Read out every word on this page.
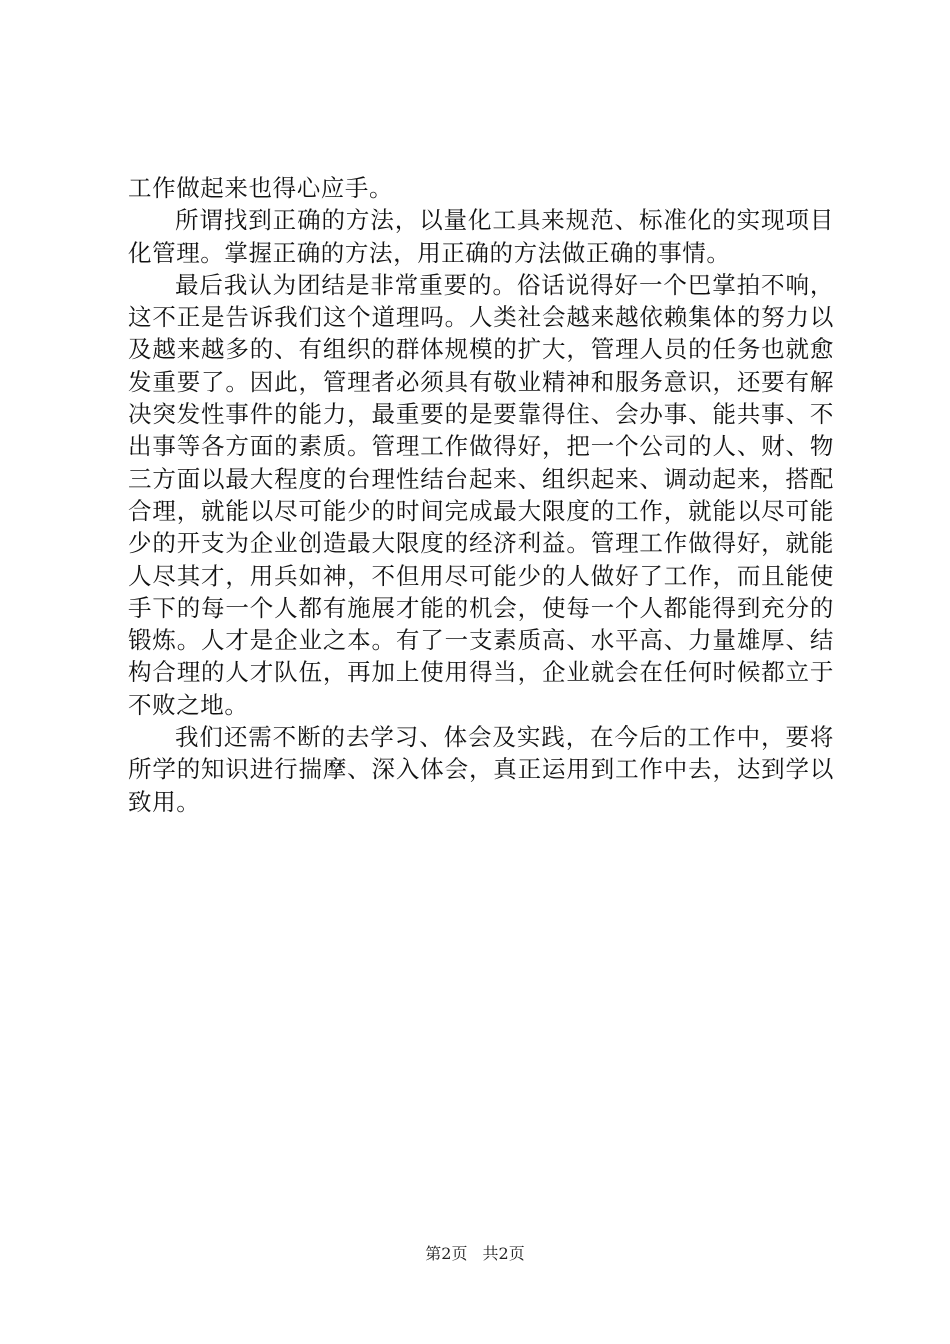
工作做起来也得心应手。

所谓找到正确的方法，以量化工具来规范、标准化的实现项目化管理。掌握正确的方法，用正确的方法做正确的事情。

最后我认为团结是非常重要的。俗话说得好一个巴掌拍不响，这不正是告诉我们这个道理吗。人类社会越来越依赖集体的努力以及越来越多的、有组织的群体规模的扩大，管理人员的任务也就愈发重要了。因此，管理者必须具有敬业精神和服务意识，还要有解决突发性事件的能力，最重要的是要靠得住、会办事、能共事、不出事等各方面的素质。管理工作做得好，把一个公司的人、财、物三方面以最大程度的台理性结台起来、组织起来、调动起来，搭配合理，就能以尽可能少的时间完成最大限度的工作，就能以尽可能少的开支为企业创造最大限度的经济利益。管理工作做得好，就能人尽其才，用兵如神，不但用尽可能少的人做好了工作，而且能使手下的每一个人都有施展才能的机会，使每一个人都能得到充分的锻炼。人才是企业之本。有了一支素质高、水平高、力量雄厚、结构合理的人才队伍，再加上使用得当，企业就会在任何时候都立于不败之地。

我们还需不断的去学习、体会及实践，在今后的工作中，要将所学的知识进行揣摩、深入体会，真正运用到工作中去，达到学以致用。

第2页 共2页
